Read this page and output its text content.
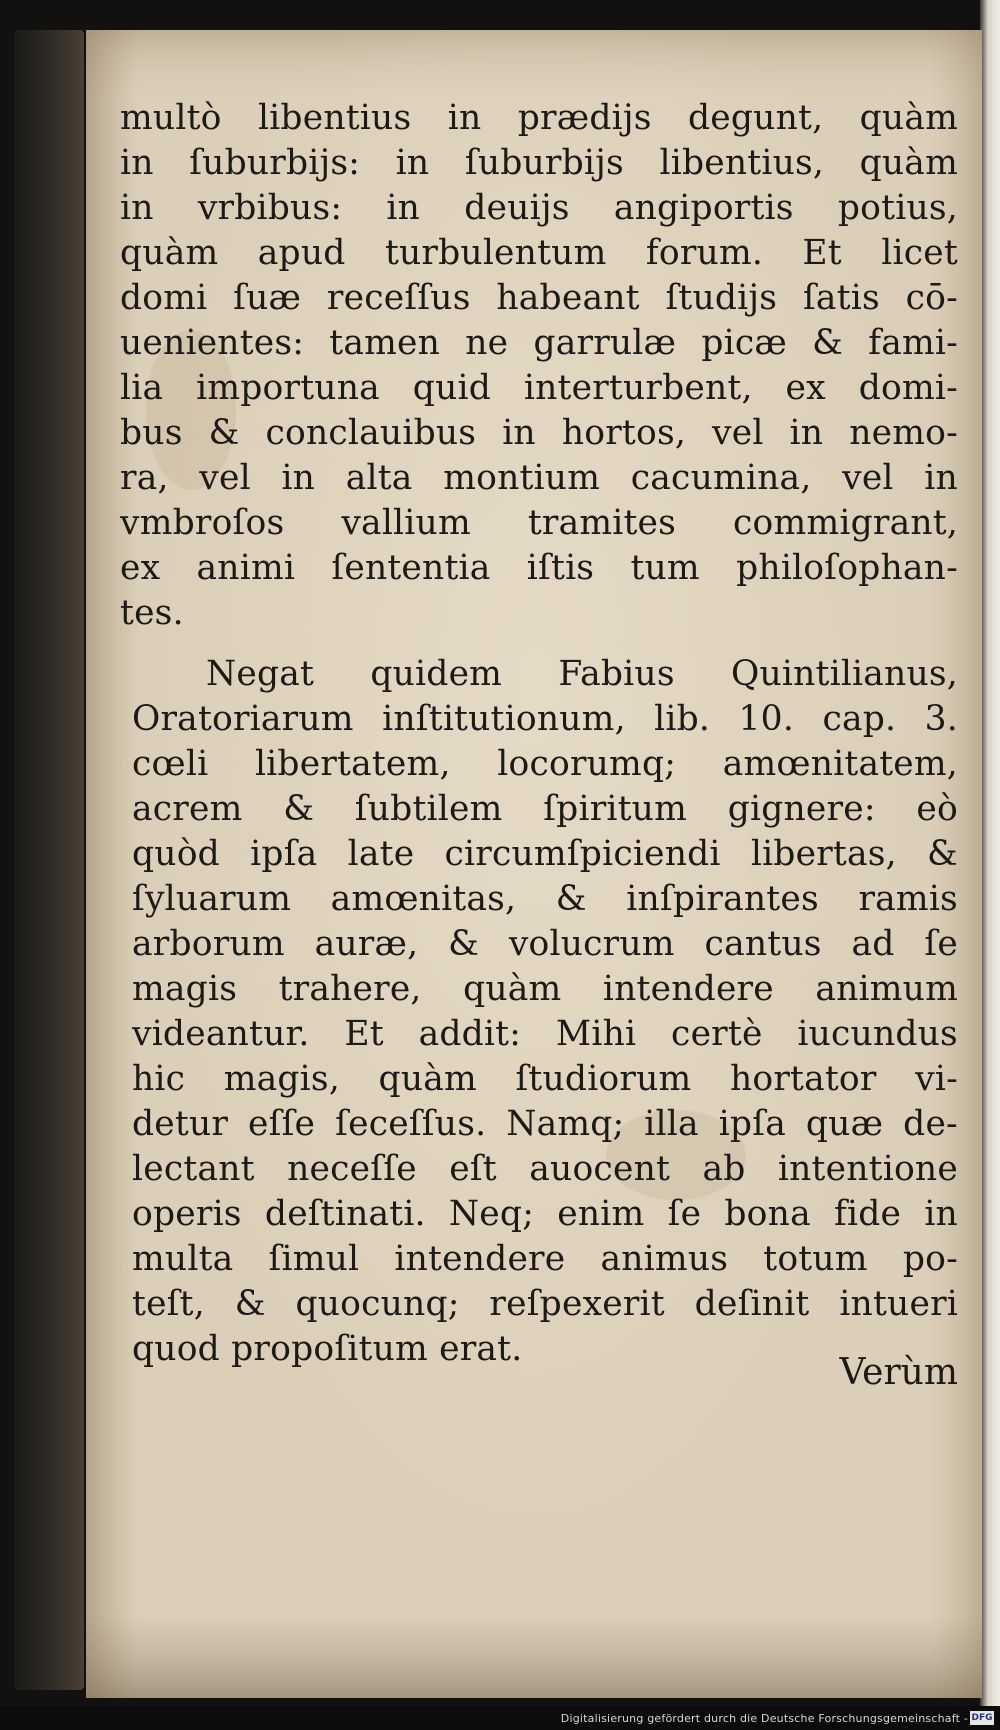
multò libentius in prædijs degunt, quàm
in ſuburbijs: in ſuburbijs libentius, quàm
in vrbibus: in deuijs angiportis potius,
quàm apud turbulentum forum. Et licet
domi ſuæ receſſus habeant ſtudijs ſatis cō-
uenientes: tamen ne garrulæ picæ & fami-
lia importuna quid interturbent, ex domi-
bus & conclauibus in hortos, vel in nemo-
ra, vel in alta montium cacumina, vel in
vmbroſos vallium tramites commigrant,
ex animi ſententia iſtis tum philoſophan-
tes.
Negat quidem Fabius Quintilianus,
Oratoriarum inſtitutionum, lib. 10. cap. 3.
cœli libertatem, locorumq; amœnitatem,
acrem & ſubtilem ſpiritum gignere: eò
quòd ipſa late circumſpiciendi libertas, &
ſyluarum amœnitas, & inſpirantes ramis
arborum auræ, & volucrum cantus ad ſe
magis trahere, quàm intendere animum
videantur. Et addit: Mihi certè iucundus
hic magis, quàm ſtudiorum hortator vi-
detur eſſe ſeceſſus. Namq; illa ipſa quæ de-
lectant neceſſe eſt auocent ab intentione
operis deſtinati. Neq; enim ſe bona fide in
multa ſimul intendere animus totum po-
teſt, & quocunq; reſpexerit deſinit intueri
quod propoſitum erat.
Verùm
Digitalisierung gefördert durch die Deutsche Forschungsgemeinschaft - DFG
